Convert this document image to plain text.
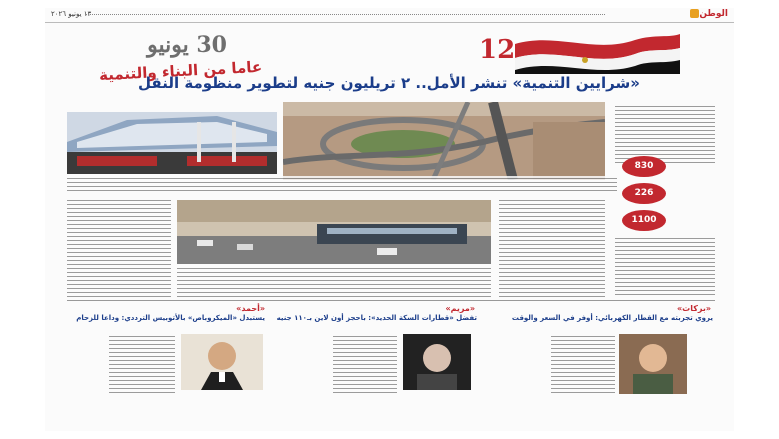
١٣ يونيو ٢٠٢٦	الوطن
30 يونيو
عاما من البناء والتنمية
12
«شرايين التنمية» تنشر الأمل.. ٢ تريليون جنيه لتطوير منظومة النقل
830
226
1100
«بركات»
يروي تجربته مع القطار الكهربائي: أوفر في السعر والوقت
«مريم»
تفضل «قطارات السكة الحديد»: باحجز أون لاين بـ١١٠ جنيه
«أحمد»
يستبدل «الميكروباص» بالأتوبيس الترددي: وداعا للزحام
